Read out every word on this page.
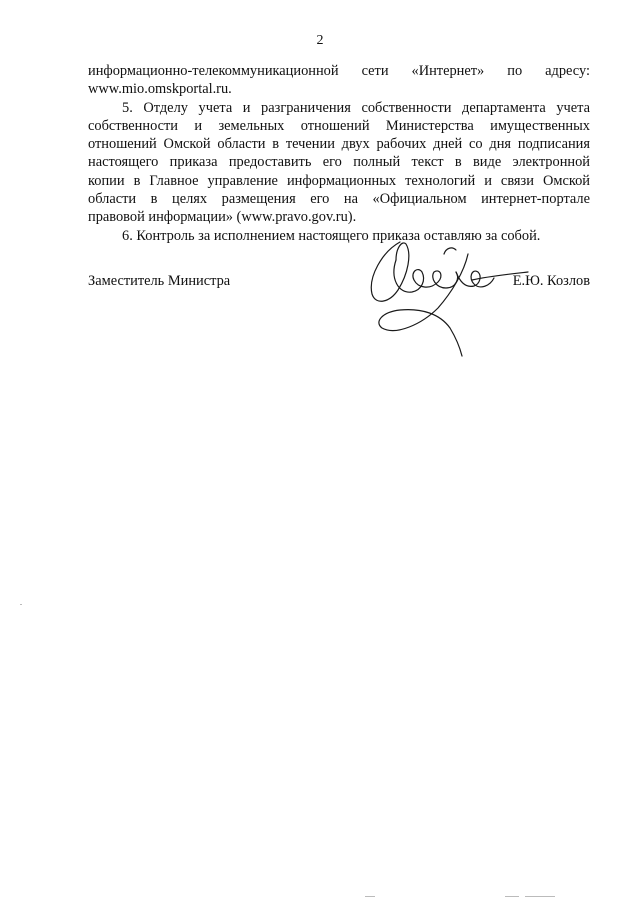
2

информационно-телекоммуникационной сети «Интернет» по адресу:
www.mio.omskportal.ru.

5. Отделу учета и разграничения собственности департамента учета
собственности и земельных отношений Министерства имущественных
отношений Омской области в течении двух рабочих дней со дня подписания
настоящего приказа предоставить его полный текст в виде электронной
копии в Главное управление информационных технологий и связи Омской
области в целях размещения его на «Официальном интернет-портале
правовой информации» (www.pravo.gov.ru).

6. Контроль за исполнением настоящего приказа оставляю за собой.

Заместитель Министра	Е.Ю. Козлов
